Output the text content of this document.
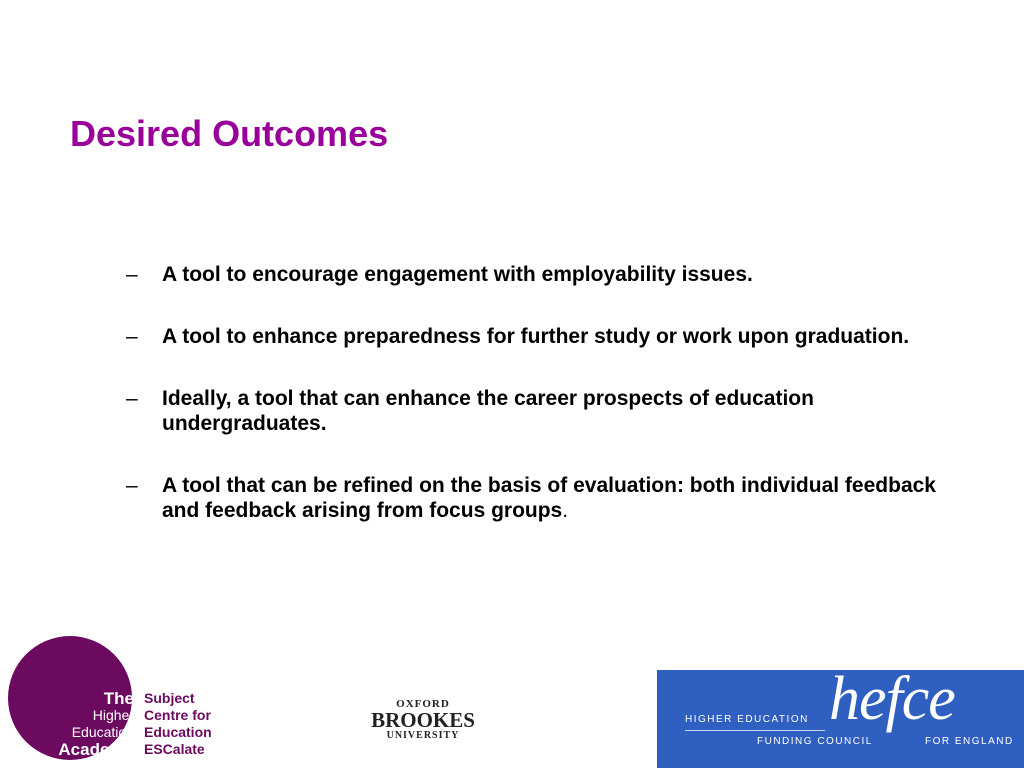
Desired Outcomes
–	A tool to encourage engagement with employability issues.
–	A tool to enhance preparedness for further study or work upon graduation.
–	Ideally, a tool that can enhance the career prospects of education undergraduates.
–	A tool that can be refined on the basis of evaluation: both individual feedback and feedback arising from focus groups.
The
Higher
Education
Academy
Subject
Centre for
Education
ESCalate
OXFORD
BROOKES
UNIVERSITY
hefce
HIGHER EDUCATION
FUNDING COUNCIL	FOR ENGLAND
